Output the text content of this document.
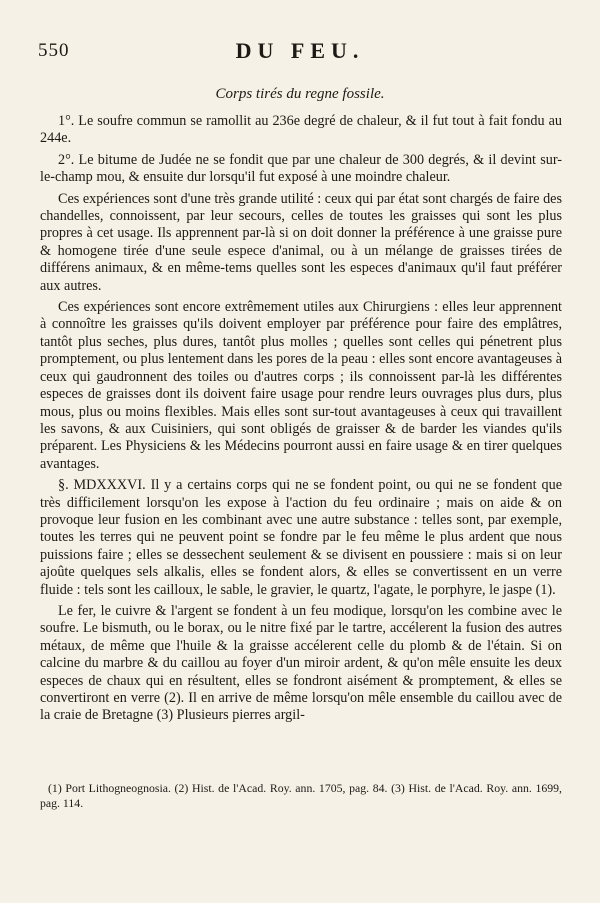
550	DU FEU.
Corps tirés du regne fossile.

1°. Le soufre commun se ramollit au 236e degré de chaleur, & il fut tout à fait fondu au 244e.

2°. Le bitume de Judée ne se fondit que par une chaleur de 300 degrés, & il devint sur-le-champ mou, & ensuite dur lorsqu'il fut exposé à une moindre chaleur.

Ces expériences sont d'une très grande utilité : ceux qui par état sont chargés de faire des chandelles, connoissent, par leur secours, celles de toutes les graisses qui sont les plus propres à cet usage. Ils apprennent par-là si on doit donner la préférence à une graisse pure & homogene tirée d'une seule espece d'animal, ou à un mélange de graisses tirées de différens animaux, & en même-tems quelles sont les especes d'animaux qu'il faut préférer aux autres.

Ces expériences sont encore extrêmement utiles aux Chirurgiens : elles leur apprennent à connoître les graisses qu'ils doivent employer par préférence pour faire des emplâtres, tantôt plus seches, plus dures, tantôt plus molles ; quelles sont celles qui pénetrent plus promptement, ou plus lentement dans les pores de la peau : elles sont encore avantageuses à ceux qui gaudronnent des toiles ou d'autres corps ; ils connoissent par-là les différentes especes de graisses dont ils doivent faire usage pour rendre leurs ouvrages plus durs, plus mous, plus ou moins flexibles. Mais elles sont sur-tout avantageuses à ceux qui travaillent les savons, & aux Cuisiniers, qui sont obligés de graisser & de barder les viandes qu'ils préparent. Les Physiciens & les Médecins pourront aussi en faire usage & en tirer quelques avantages.

§. MDXXXVI. Il y a certains corps qui ne se fondent point, ou qui ne se fondent que très difficilement lorsqu'on les expose à l'action du feu ordinaire ; mais on aide & on provoque leur fusion en les combinant avec une autre substance : telles sont, par exemple, toutes les terres qui ne peuvent point se fondre par le feu même le plus ardent que nous puissions faire ; elles se dessechent seulement & se divisent en poussiere : mais si on leur ajoûte quelques sels alkalis, elles se fondent alors, & elles se convertissent en un verre fluide : tels sont les cailloux, le sable, le gravier, le quartz, l'agate, le porphyre, le jaspe (1).

Le fer, le cuivre & l'argent se fondent à un feu modique, lorsqu'on les combine avec le soufre. Le bismuth, ou le borax, ou le nitre fixé par le tartre, accélerent la fusion des autres métaux, de même que l'huile & la graisse accélerent celle du plomb & de l'étain. Si on calcine du marbre & du caillou au foyer d'un miroir ardent, & qu'on mêle ensuite les deux especes de chaux qui en résultent, elles se fondront aisément & promptement, & elles se convertiront en verre (2). Il en arrive de même lorsqu'on mêle ensemble du caillou avec de la craie de Bretagne (3) Plusieurs pierres argil-

(1) Port Lithogneognosia. (2) Hist. de l'Acad. Roy. ann. 1705, pag. 84. (3) Hist. de l'Acad. Roy. ann. 1699, pag. 114.
